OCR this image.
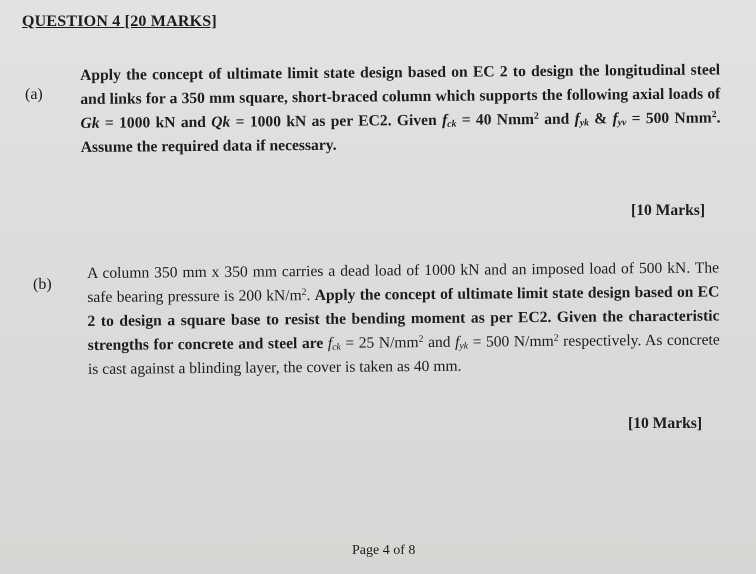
QUESTION 4 [20 MARKS]
(a)
Apply the concept of ultimate limit state design based on EC 2 to design the longitudinal steel and links for a 350 mm square, short-braced column which supports the following axial loads of Gk = 1000 kN and Qk = 1000 kN as per EC2. Given $f_{ck} = 40$ Nmm$^2$ and $f_{yk}$ & $f_{yv} = 500$ Nmm$^2$. Assume the required data if necessary.
[10 Marks]
(b)
A column 350 mm x 350 mm carries a dead load of 1000 kN and an imposed load of 500 kN. The safe bearing pressure is 200 $kN/m^2$. Apply the concept of ultimate limit state design based on EC 2 to design a square base to resist the bending moment as per EC2. Given the characteristic strengths for concrete and steel are $f_{ck} = 25$ $N/mm^2$ and $f_{yk} = 500$ $N/mm^2$ respectively. As concrete is cast against a blinding layer, the cover is taken as 40 mm.
[10 Marks]
Page 4 of 8
